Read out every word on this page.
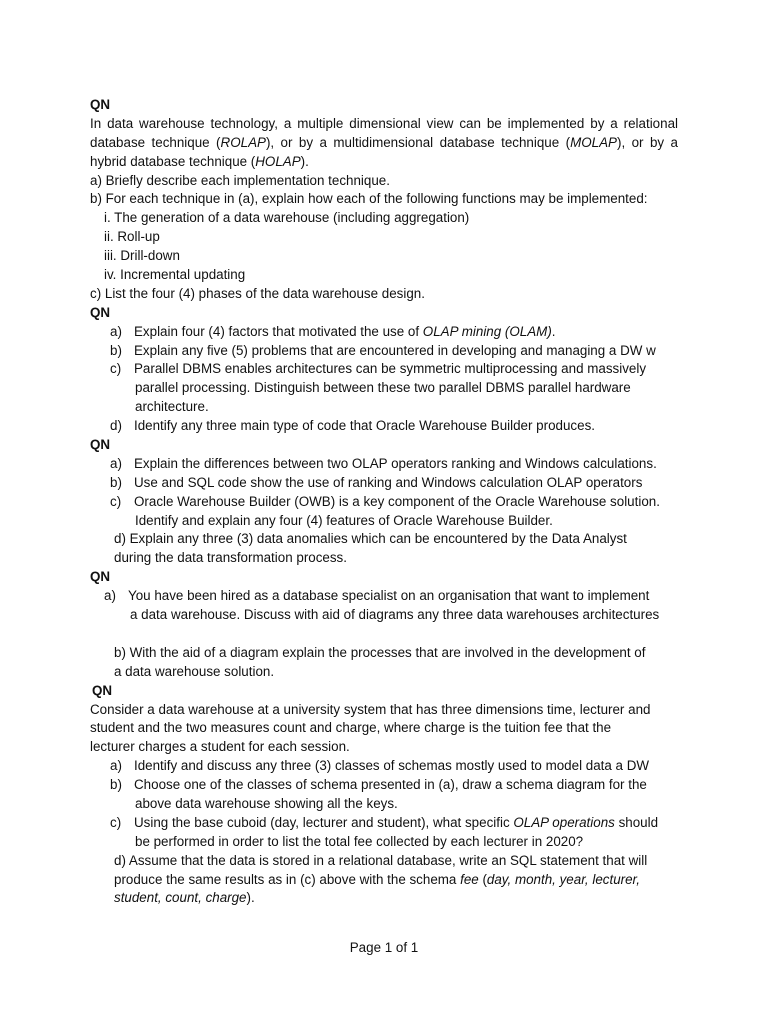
QN
In data warehouse technology, a multiple dimensional view can be implemented by a relational
database technique (ROLAP), or by a multidimensional database technique (MOLAP), or by a
hybrid database technique (HOLAP).
a) Briefly describe each implementation technique.
b) For each technique in (a), explain how each of the following functions may be implemented:
i. The generation of a data warehouse (including aggregation)
ii. Roll-up
iii. Drill-down
iv. Incremental updating
c) List the four (4) phases of the data warehouse design.
QN
a) Explain four (4) factors that motivated the use of OLAP mining (OLAM).
b) Explain any five (5) problems that are encountered in developing and managing a DW w
c) Parallel DBMS enables architectures can be symmetric multiprocessing and massively
parallel processing. Distinguish between these two parallel DBMS parallel hardware
architecture.
d) Identify any three main type of code that Oracle Warehouse Builder produces.
QN
a) Explain the differences between two OLAP operators ranking and Windows calculations.
b) Use and SQL code show the use of ranking and Windows calculation OLAP operators
c) Oracle Warehouse Builder (OWB) is a key component of the Oracle Warehouse solution.
Identify and explain any four (4) features of Oracle Warehouse Builder.
d) Explain any three (3) data anomalies which can be encountered by the Data Analyst
during the data transformation process.
QN
a) You have been hired as a database specialist on an organisation that want to implement
a data warehouse. Discuss with aid of diagrams any three data warehouses architectures
b) With the aid of a diagram explain the processes that are involved in the development of
a data warehouse solution.
QN
Consider a data warehouse at a university system that has three dimensions time, lecturer and
student and the two measures count and charge, where charge is the tuition fee that the
lecturer charges a student for each session.
a) Identify and discuss any three (3) classes of schemas mostly used to model data a DW
b) Choose one of the classes of schema presented in (a), draw a schema diagram for the
above data warehouse showing all the keys.
c) Using the base cuboid (day, lecturer and student), what specific OLAP operations should
be performed in order to list the total fee collected by each lecturer in 2020?
d) Assume that the data is stored in a relational database, write an SQL statement that will
produce the same results as in (c) above with the schema fee (day, month, year, lecturer,
student, count, charge).
Page 1 of 1
